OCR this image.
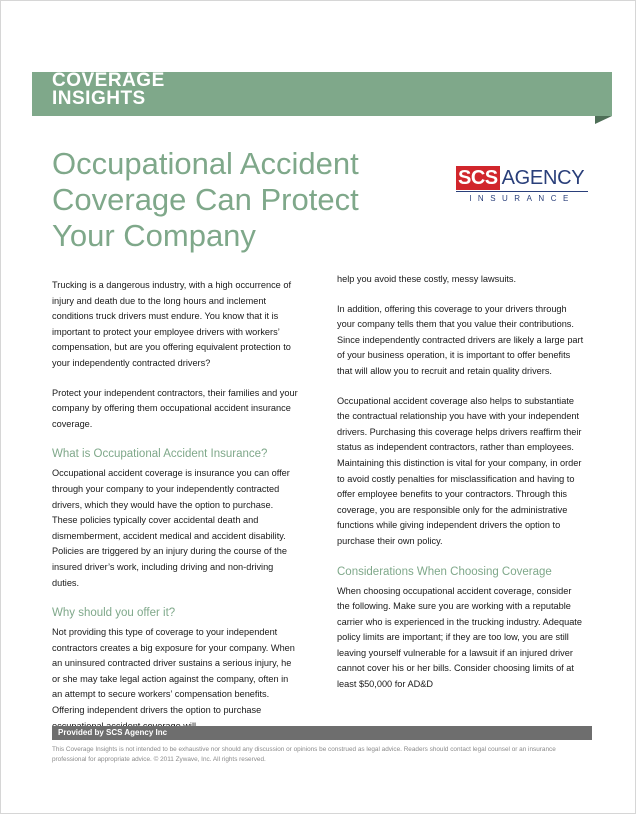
COVERAGE
INSIGHTS
Occupational Accident Coverage Can Protect Your Company
SCS AGENCY
INSURANCE

Trucking is a dangerous industry, with a high occurrence of injury and death due to the long hours and inclement conditions truck drivers must endure. You know that it is important to protect your employee drivers with workers’ compensation, but are you offering equivalent protection to your independently contracted drivers?

Protect your independent contractors, their families and your company by offering them occupational accident insurance coverage.

What is Occupational Accident Insurance?

Occupational accident coverage is insurance you can offer through your company to your independently contracted drivers, which they would have the option to purchase. These policies typically cover accidental death and dismemberment, accident medical and accident disability. Policies are triggered by an injury during the course of the insured driver’s work, including driving and non-driving duties.

Why should you offer it?

Not providing this type of coverage to your independent contractors creates a big exposure for your company. When an uninsured contracted driver sustains a serious injury, he or she may take legal action against the company, often in an attempt to secure workers’ compensation benefits. Offering independent drivers the option to purchase

help you avoid these costly, messy lawsuits.

In addition, offering this coverage to your drivers through your company tells them that you value their contributions. Since independently contracted drivers are likely a large part of your business operation, it is important to offer benefits that will allow you to recruit and retain quality drivers.

Occupational accident coverage also helps to substantiate the contractual relationship you have with your independent drivers. Purchasing this coverage helps drivers reaffirm their status as independent contractors, rather than employees. Maintaining this distinction is vital for your company, in order to avoid costly penalties for misclassification and having to offer employee benefits to your contractors. Through this coverage, you are responsible only for the administrative functions while giving independent drivers the option to purchase their own policy.

Considerations When Choosing Coverage

When choosing occupational accident coverage, consider the following. Make sure you are working with a reputable carrier who is experienced in the trucking industry. Adequate policy limits are important; if they are too low, you are still leaving yourself vulnerable for a lawsuit if an injured driver cannot cover his or her bills. Consider choosing limits of at least $50,000 for AD&D

Provided by SCS Agency Inc

This Coverage Insights is not intended to be exhaustive nor should any discussion or opinions be construed as legal advice. Readers should contact legal counsel or an insurance professional for appropriate advice. © 2011 Zywave, Inc. All rights reserved.
